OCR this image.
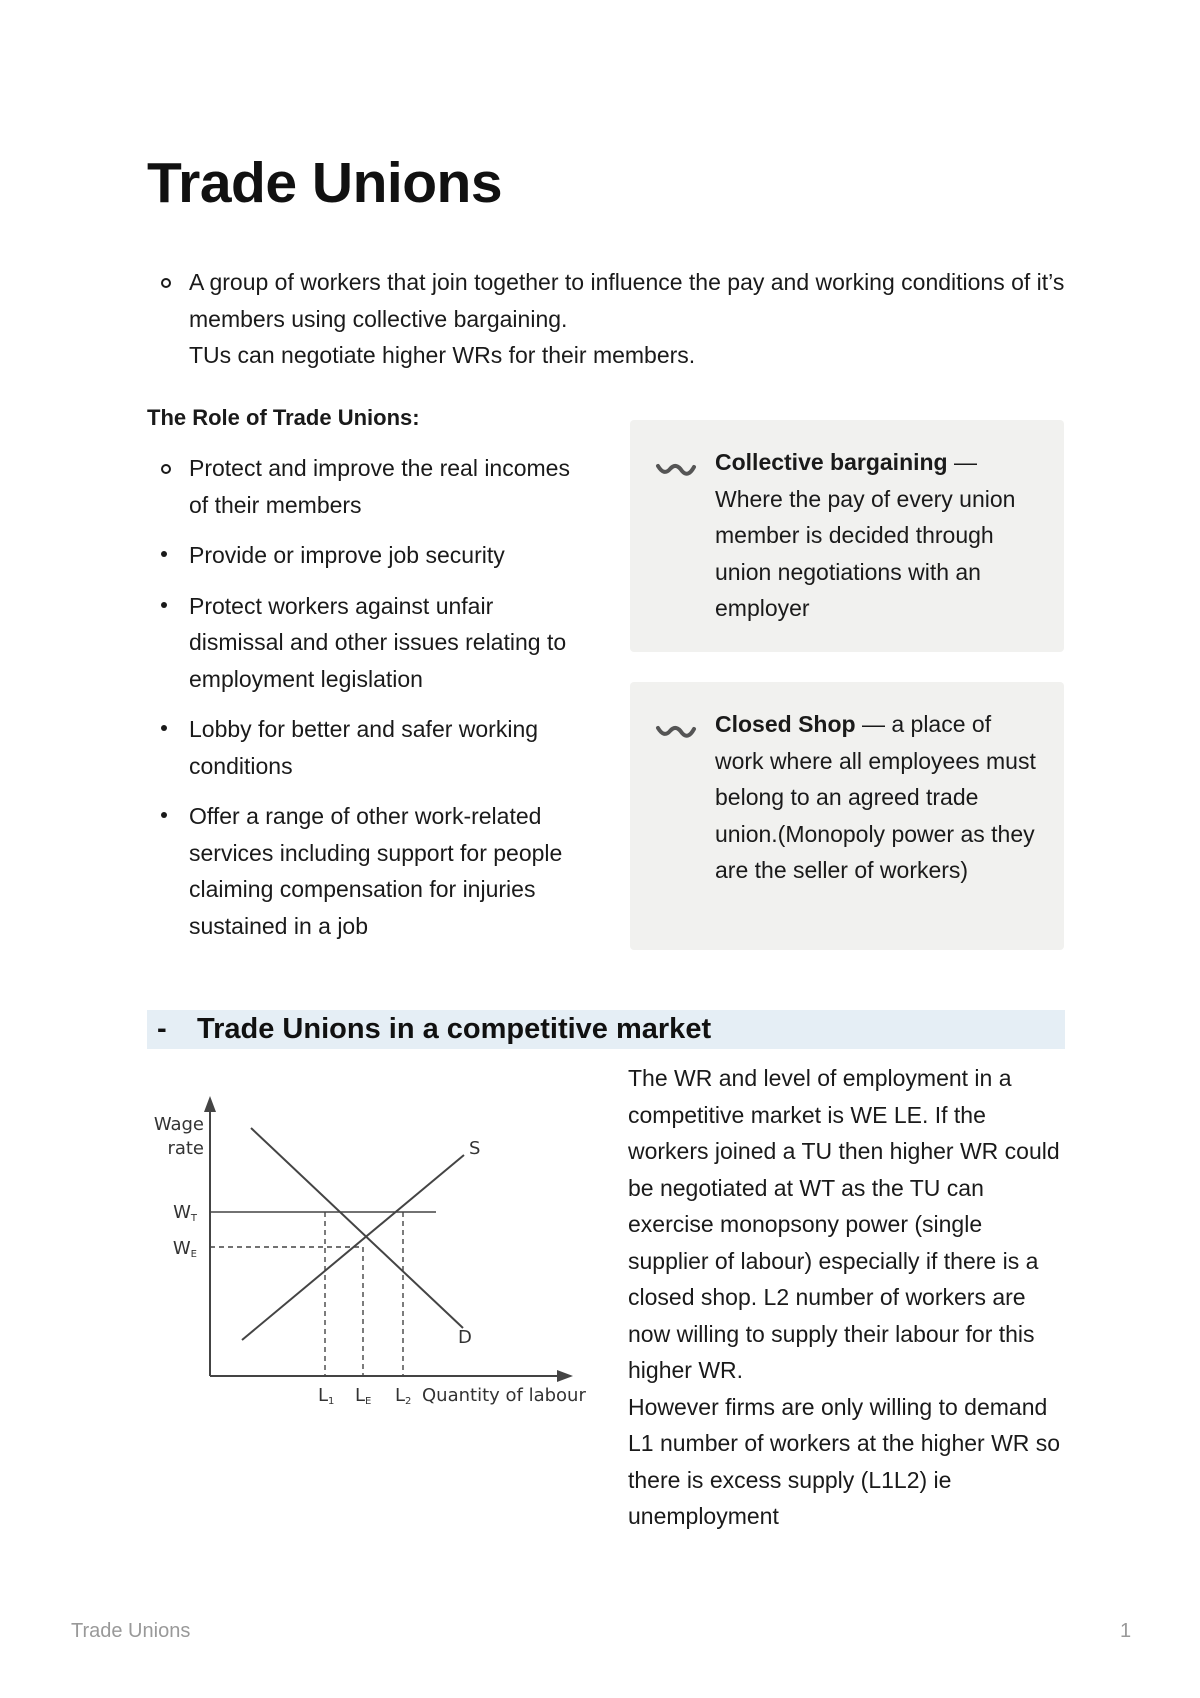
Trade Unions
A group of workers that join together to influence the pay and working conditions of it’s members using collective bargaining.
TUs can negotiate higher WRs for their members.
The Role of Trade Unions:
Protect and improve the real incomes of their members
Provide or improve job security
Protect workers against unfair dismissal and other issues relating to employment legislation
Lobby for better and safer working conditions
Offer a range of other work-related services including support for people claiming compensation for injuries sustained in a job
Collective bargaining — Where the pay of every union member is decided through union negotiations with an employer
Closed Shop — a place of work where all employees must belong to an agreed trade union.(Monopoly power as they are the seller of workers)
- Trade Unions in a competitive market
Wage
rate
WT
WE
L1 LE L2 Quantity of labour
S
D
The WR and level of employment in a competitive market is WE LE. If the workers joined a TU then higher WR could be negotiated at WT as the TU can exercise monopsony power (single supplier of labour) especially if there is a closed shop. L2 number of workers are now willing to supply their labour for this higher WR.
However firms are only willing to demand L1 number of workers at the higher WR so there is excess supply (L1L2) ie unemployment
Trade Unions	1
